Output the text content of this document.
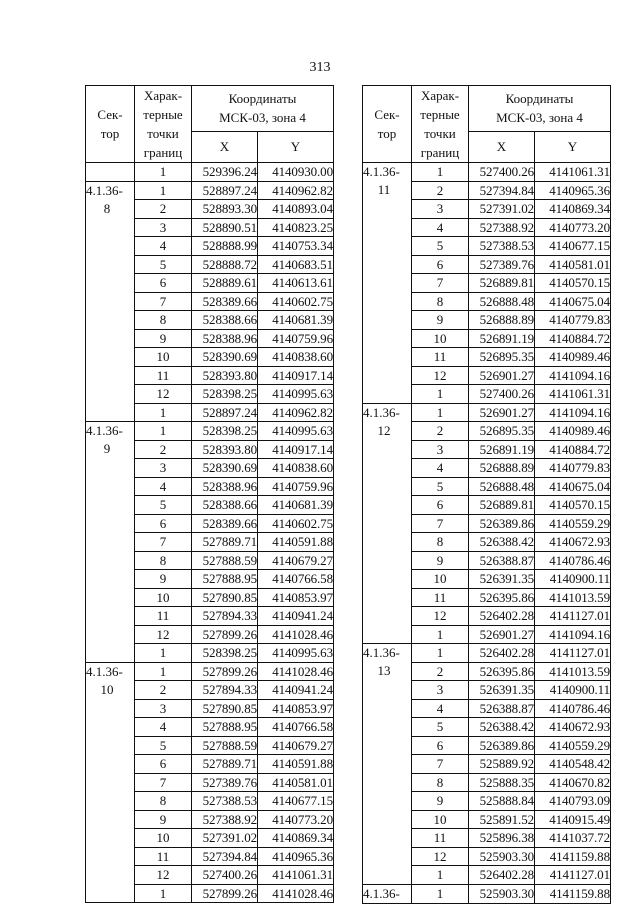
313
Сек-
тор	Харак-
терные
точки
границ	Координаты
МСК-03, зона 4	

		X	Y

	1	529396.24	4140930.00

4.1.36-
8	1	528897.24	4140962.82
	2	528893.30	4140893.04
	3	528890.51	4140823.25
	4	528888.99	4140753.34
	5	528888.72	4140683.51
	6	528889.61	4140613.61
	7	528389.66	4140602.75
	8	528388.66	4140681.39
	9	528388.96	4140759.96
	10	528390.69	4140838.60
	11	528393.80	4140917.14
	12	528398.25	4140995.63
	1	528897.24	4140962.82

4.1.36-
9	1	528398.25	4140995.63
	2	528393.80	4140917.14
	3	528390.69	4140838.60
	4	528388.96	4140759.96
	5	528388.66	4140681.39
	6	528389.66	4140602.75
	7	527889.71	4140591.88
	8	527888.59	4140679.27
	9	527888.95	4140766.58
	10	527890.85	4140853.97
	11	527894.33	4140941.24
	12	527899.26	4141028.46
	1	528398.25	4140995.63

4.1.36-
10	1	527899.26	4141028.46
	2	527894.33	4140941.24
	3	527890.85	4140853.97
	4	527888.95	4140766.58
	5	527888.59	4140679.27
	6	527889.71	4140591.88
	7	527389.76	4140581.01
	8	527388.53	4140677.15
	9	527388.92	4140773.20
	10	527391.02	4140869.34
	11	527394.84	4140965.36
	12	527400.26	4141061.31
	1	527899.26	4141028.46
Сек-
тор	Харак-
терные
точки
границ	Координаты
МСК-03, зона 4	

		X	Y

4.1.36-
11	1	527400.26	4141061.31
	2	527394.84	4140965.36
	3	527391.02	4140869.34
	4	527388.92	4140773.20
	5	527388.53	4140677.15
	6	527389.76	4140581.01
	7	526889.81	4140570.15
	8	526888.48	4140675.04
	9	526888.89	4140779.83
	10	526891.19	4140884.72
	11	526895.35	4140989.46
	12	526901.27	4141094.16
	1	527400.26	4141061.31

4.1.36-
12	1	526901.27	4141094.16
	2	526895.35	4140989.46
	3	526891.19	4140884.72
	4	526888.89	4140779.83
	5	526888.48	4140675.04
	6	526889.81	4140570.15
	7	526389.86	4140559.29
	8	526388.42	4140672.93
	9	526388.87	4140786.46
	10	526391.35	4140900.11
	11	526395.86	4141013.59
	12	526402.28	4141127.01
	1	526901.27	4141094.16

4.1.36-
13	1	526402.28	4141127.01
	2	526395.86	4141013.59
	3	526391.35	4140900.11
	4	526388.87	4140786.46
	5	526388.42	4140672.93
	6	526389.86	4140559.29
	7	525889.92	4140548.42
	8	525888.35	4140670.82
	9	525888.84	4140793.09
	10	525891.52	4140915.49
	11	525896.38	4141037.72
	12	525903.30	4141159.88
	1	526402.28	4141127.01

4.1.36-	1	525903.30	4141159.88
